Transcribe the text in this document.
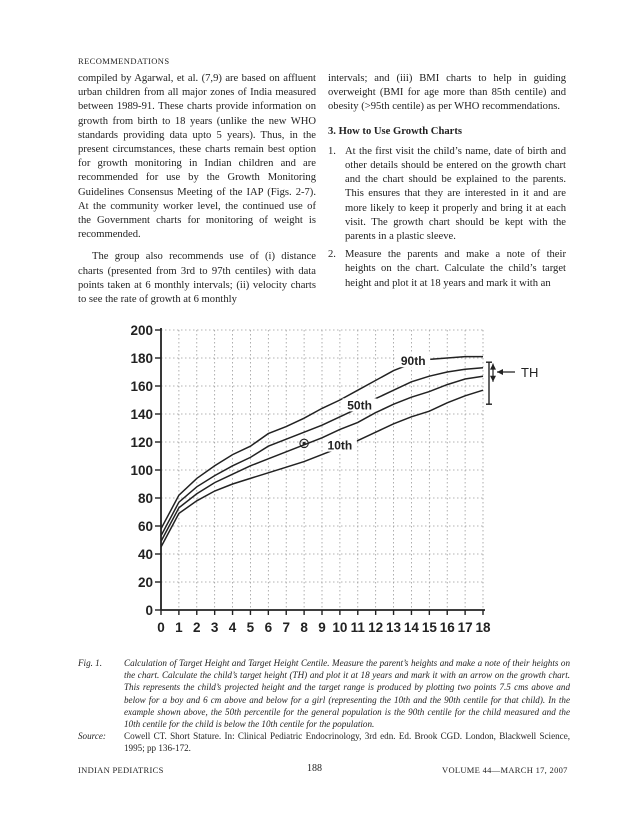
RECOMMENDATIONS

compiled by Agarwal, et al. (7,9) are based on affluent urban children from all major zones of India measured between 1989-91. These charts provide information on growth from birth to 18 years (unlike the new WHO standards providing data upto 5 years). Thus, in the present circumstances, these charts remain best option for growth monitoring in Indian children and are recommended for use by the Growth Monitoring Guidelines Consensus Meeting of the IAP (Figs. 2-7). At the community worker level, the continued use of the Government charts for monitoring of weight is recommended.

The group also recommends use of (i) distance charts (presented from 3rd to 97th centiles) with data points taken at 6 monthly intervals; (ii) velocity charts to see the rate of growth at 6 monthly

intervals; and (iii) BMI charts to help in guiding overweight (BMI for age more than 85th centile) and obesity (>95th centile) as per WHO recommendations.

3. How to Use Growth Charts
1. At the first visit the child’s name, date of birth and other details should be entered on the growth chart and the chart should be explained to the parents. This ensures that they are interested in it and are more likely to keep it properly and bring it at each visit. The growth chart should be kept with the parents in a plastic sleeve.
2. Measure the parents and make a note of their heights on the chart. Calculate the child’s target height and plot it at 18 years and mark it with an
0
20
40
60
80
100
120
140
160
180
200
0 1 2 3 4 5 6 7 8 9 10 11 12 13 14 15 16 17 18
90th
50th
10th
TH
Fig. 1.	Calculation of Target Height and Target Height Centile. Measure the parent’s heights and make a note of their heights on the chart. Calculate the child’s target height (TH) and plot it at 18 years and mark it with an arrow on the growth chart. This represents the child’s projected height and the target range is produced by plotting two points 7.5 cms above and below for a boy and 6 cm above and below for a girl (representing the 10th and the 90th centile for that child). In the example shown above, the 50th percentile for the general population is the 90th centile for the child measured and the 10th centile for the child is below the 10th centile for the population.
Source:	Cowell CT. Short Stature. In: Clinical Pediatric Endocrinology, 3rd edn. Ed. Brook CGD. London, Blackwell Science, 1995; pp 136-172.
INDIAN PEDIATRICS	188	VOLUME 44—MARCH 17, 2007
